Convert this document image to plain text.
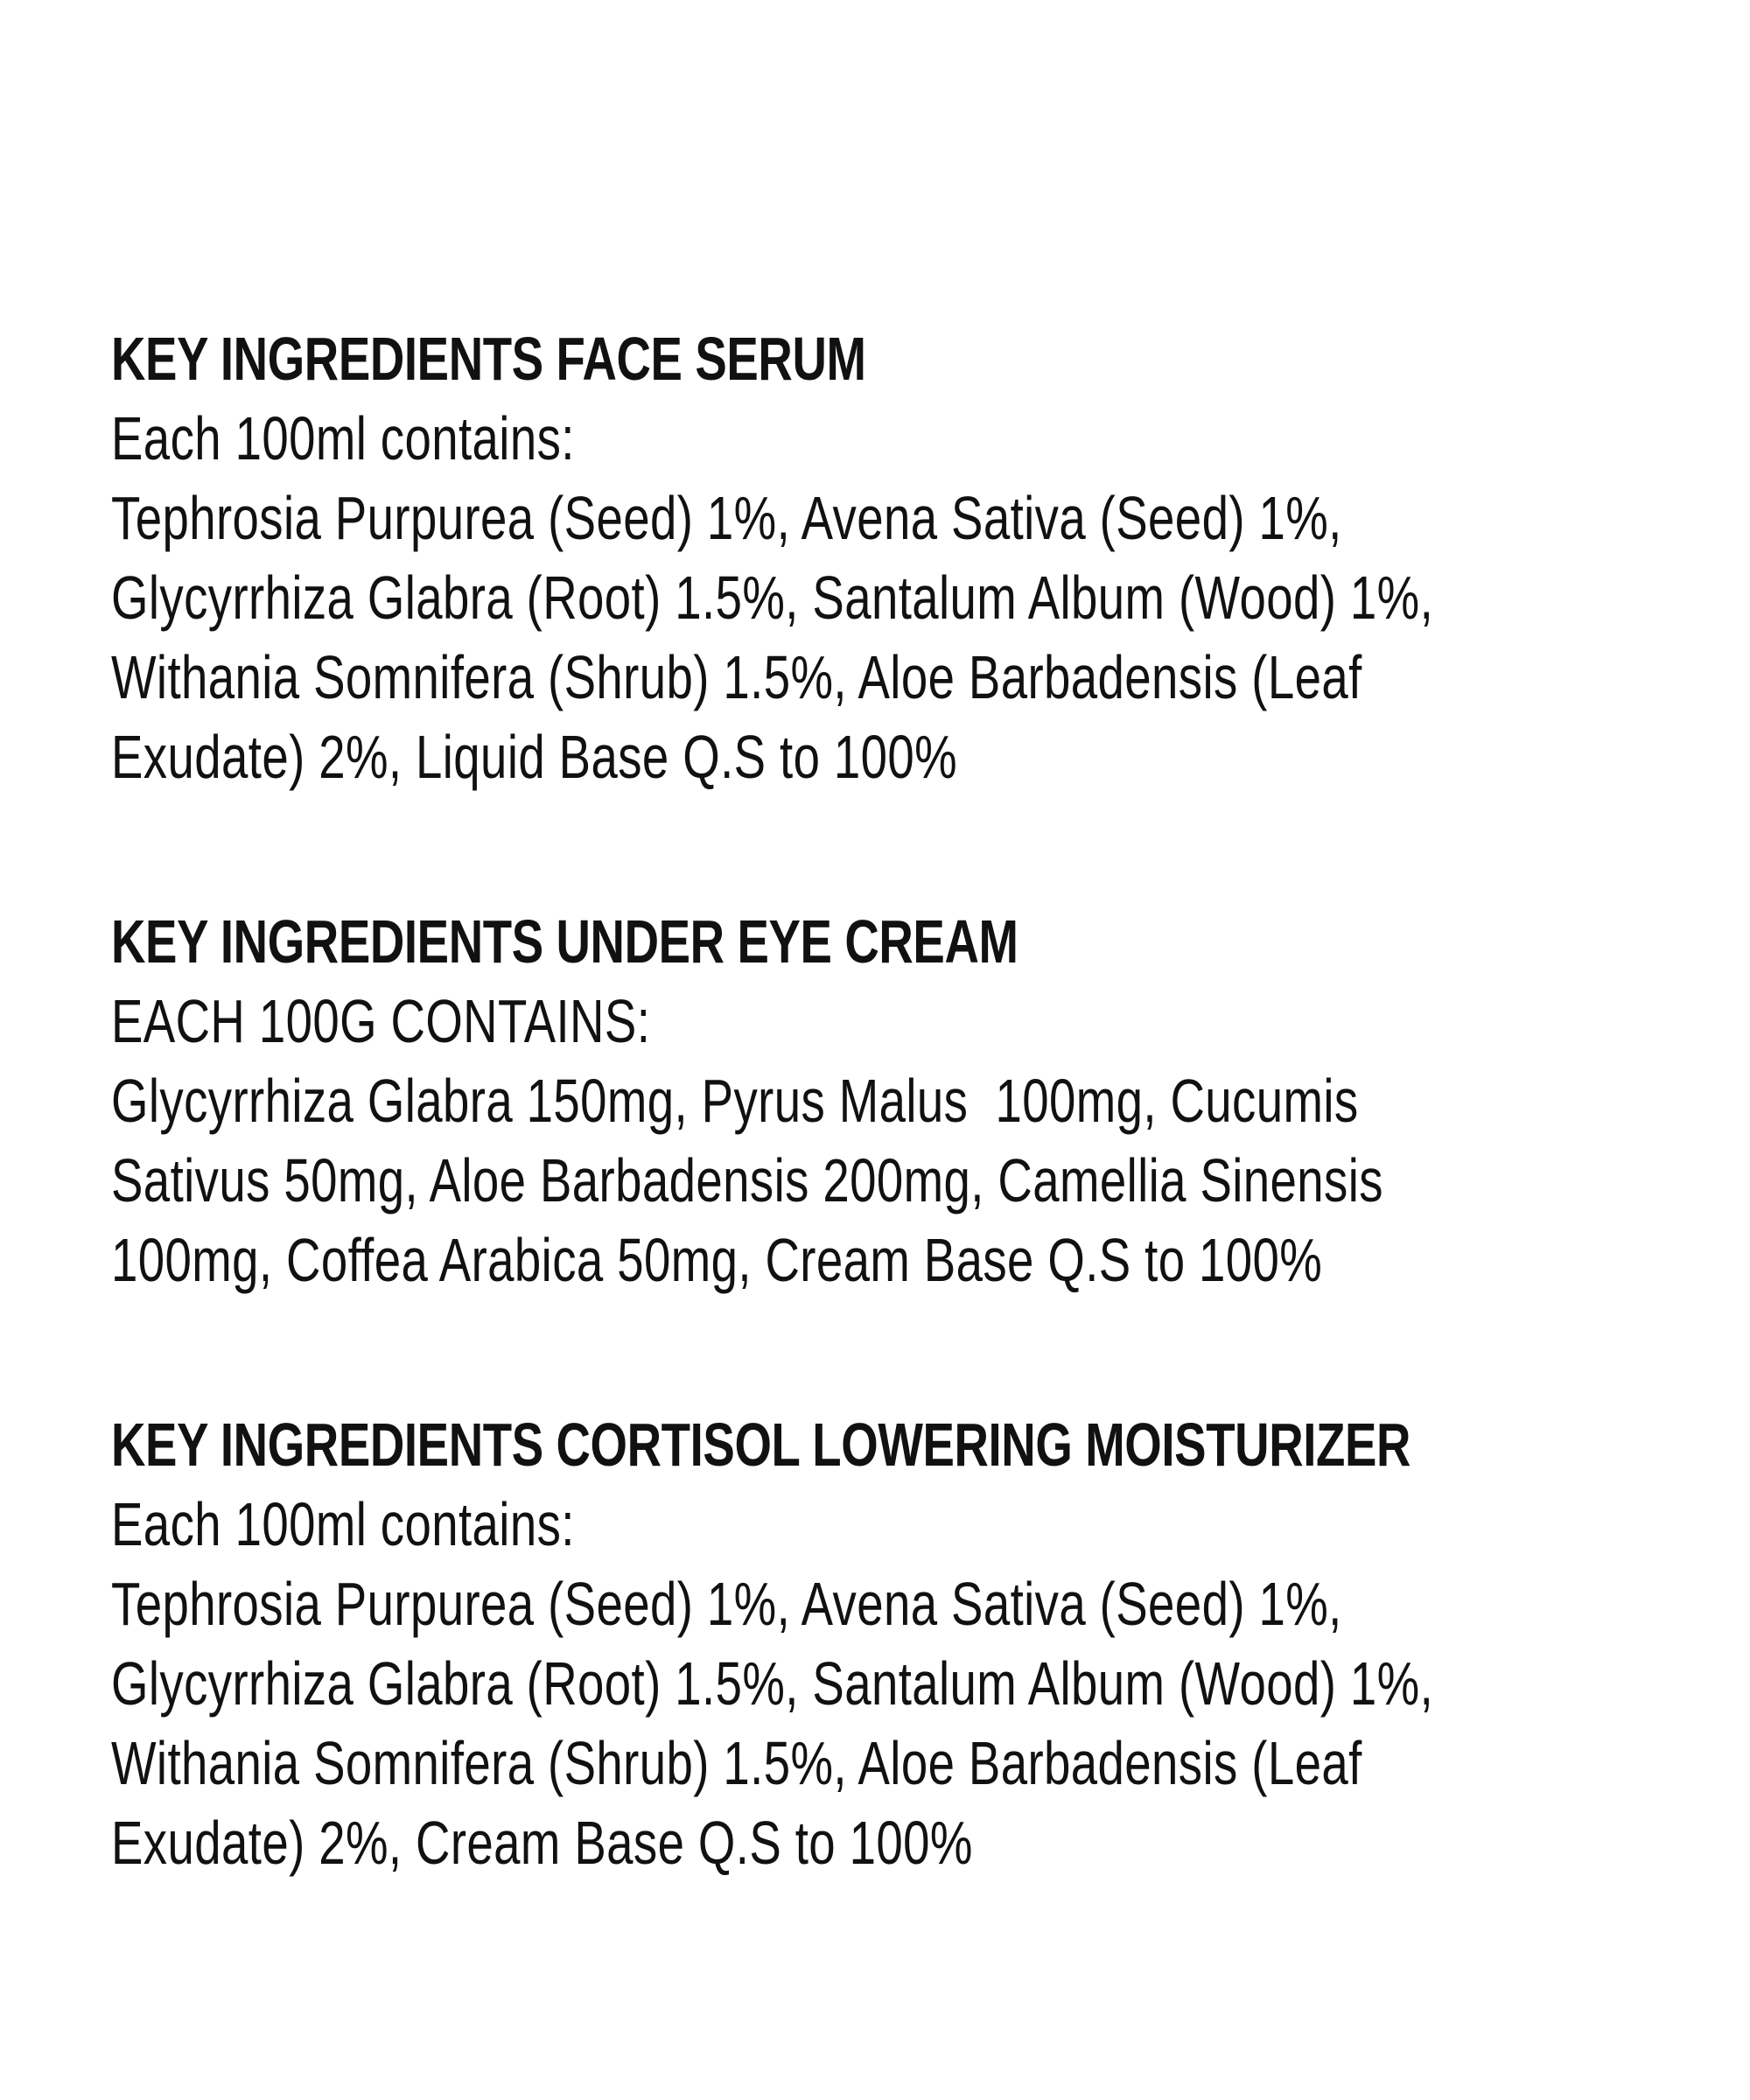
KEY INGREDIENTS FACE SERUM
Each 100ml contains:
Tephrosia Purpurea (Seed) 1%, Avena Sativa (Seed) 1%,
Glycyrrhiza Glabra (Root) 1.5%, Santalum Album (Wood) 1%,
Withania Somnifera (Shrub) 1.5%, Aloe Barbadensis (Leaf
Exudate) 2%, Liquid Base Q.S to 100%
KEY INGREDIENTS UNDER EYE CREAM
EACH 100G CONTAINS:
Glycyrrhiza Glabra 150mg, Pyrus Malus  100mg, Cucumis
Sativus 50mg, Aloe Barbadensis 200mg, Camellia Sinensis
100mg, Coffea Arabica 50mg, Cream Base Q.S to 100%
KEY INGREDIENTS CORTISOL LOWERING MOISTURIZER
Each 100ml contains:
Tephrosia Purpurea (Seed) 1%, Avena Sativa (Seed) 1%,
Glycyrrhiza Glabra (Root) 1.5%, Santalum Album (Wood) 1%,
Withania Somnifera (Shrub) 1.5%, Aloe Barbadensis (Leaf
Exudate) 2%, Cream Base Q.S to 100%
